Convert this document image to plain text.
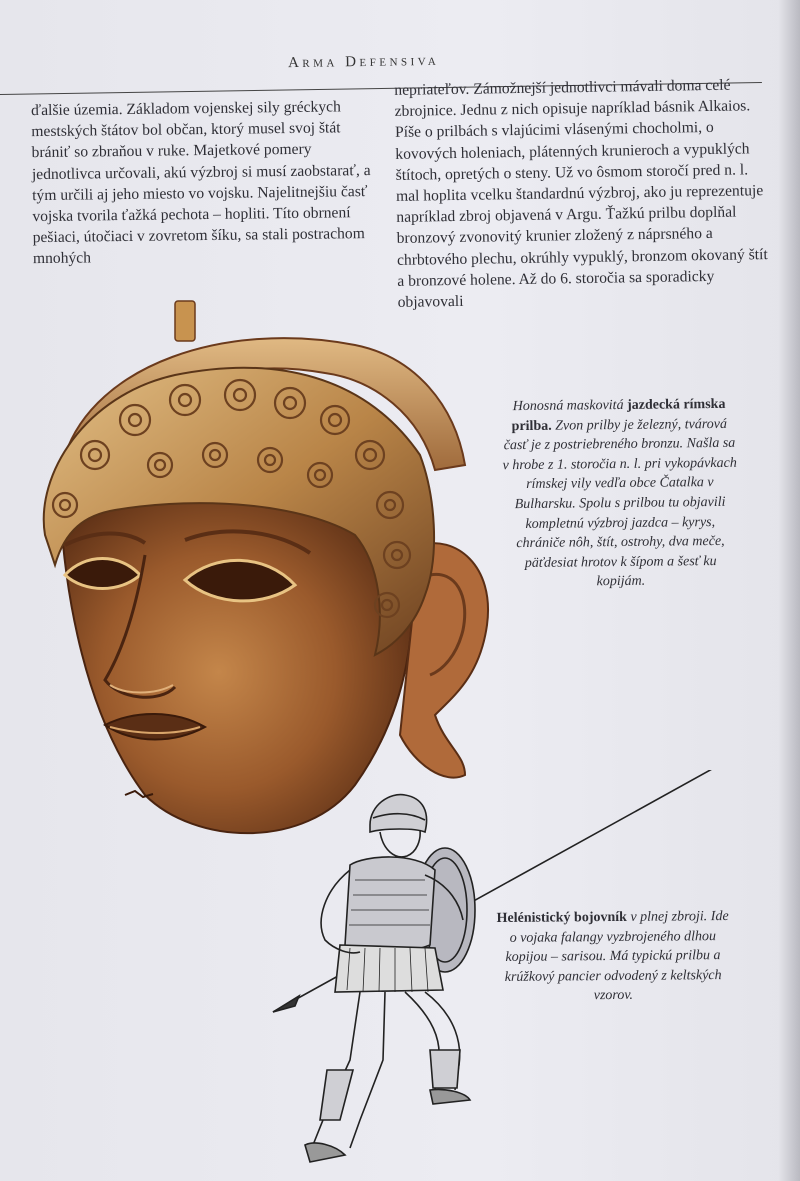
Arma Defensiva

ďalšie územia. Základom vojenskej sily gréckych mestských štátov bol občan, ktorý musel svoj štát brániť so zbraňou v ruke. Majetkové pomery jednotlivca určovali, akú výzbroj si musí zaobstarať, a tým určili aj jeho miesto vo vojsku. Najelitnejšiu časť vojska tvorila ťažká pechota – hopliti. Títo obrnení pešiaci, útočiaci v zovretom šíku, sa stali postrachom mnohých

nepriateľov. Zámožnejší jednotlivci mávali doma celé zbrojnice. Jednu z nich opisuje napríklad básnik Alkaios. Píše o prilbách s vlajúcimi vlásenými chocholmi, o kovových holeniach, plátenných krunieroch a vypuklých štítoch, opretých o steny. Už vo ôsmom storočí pred n. l. mal hoplita vcelku štandardnú výzbroj, ako ju reprezentuje napríklad zbroj objavená v Argu. Ťažkú prilbu doplňal bronzový zvonovitý krunier zložený z náprsného a chrbtového plechu, okrúhly vypuklý, bronzom okovaný štít a bronzové holene. Až do 6. storočia sa sporadicky objavovali

Honosná maskovitá jazdecká rímska prilba. Zvon prilby je železný, tvárová časť je z postriebreného bronzu. Našla sa v hrobe z 1. storočia n. l. pri vykopávkach rímskej vily vedľa obce Čatalka v Bulharsku. Spolu s prilbou tu objavili kompletnú výzbroj jazdca – kyrys, chrániče nôh, štít, ostrohy, dva meče, päťdesiat hrotov k šípom a šesť ku kopijám.
Helénistický bojovník v plnej zbroji. Ide o vojaka falangy vyzbrojeného dlhou kopijou – sarisou. Má typickú prilbu a krúžkový pancier odvodený z keltských vzorov.
